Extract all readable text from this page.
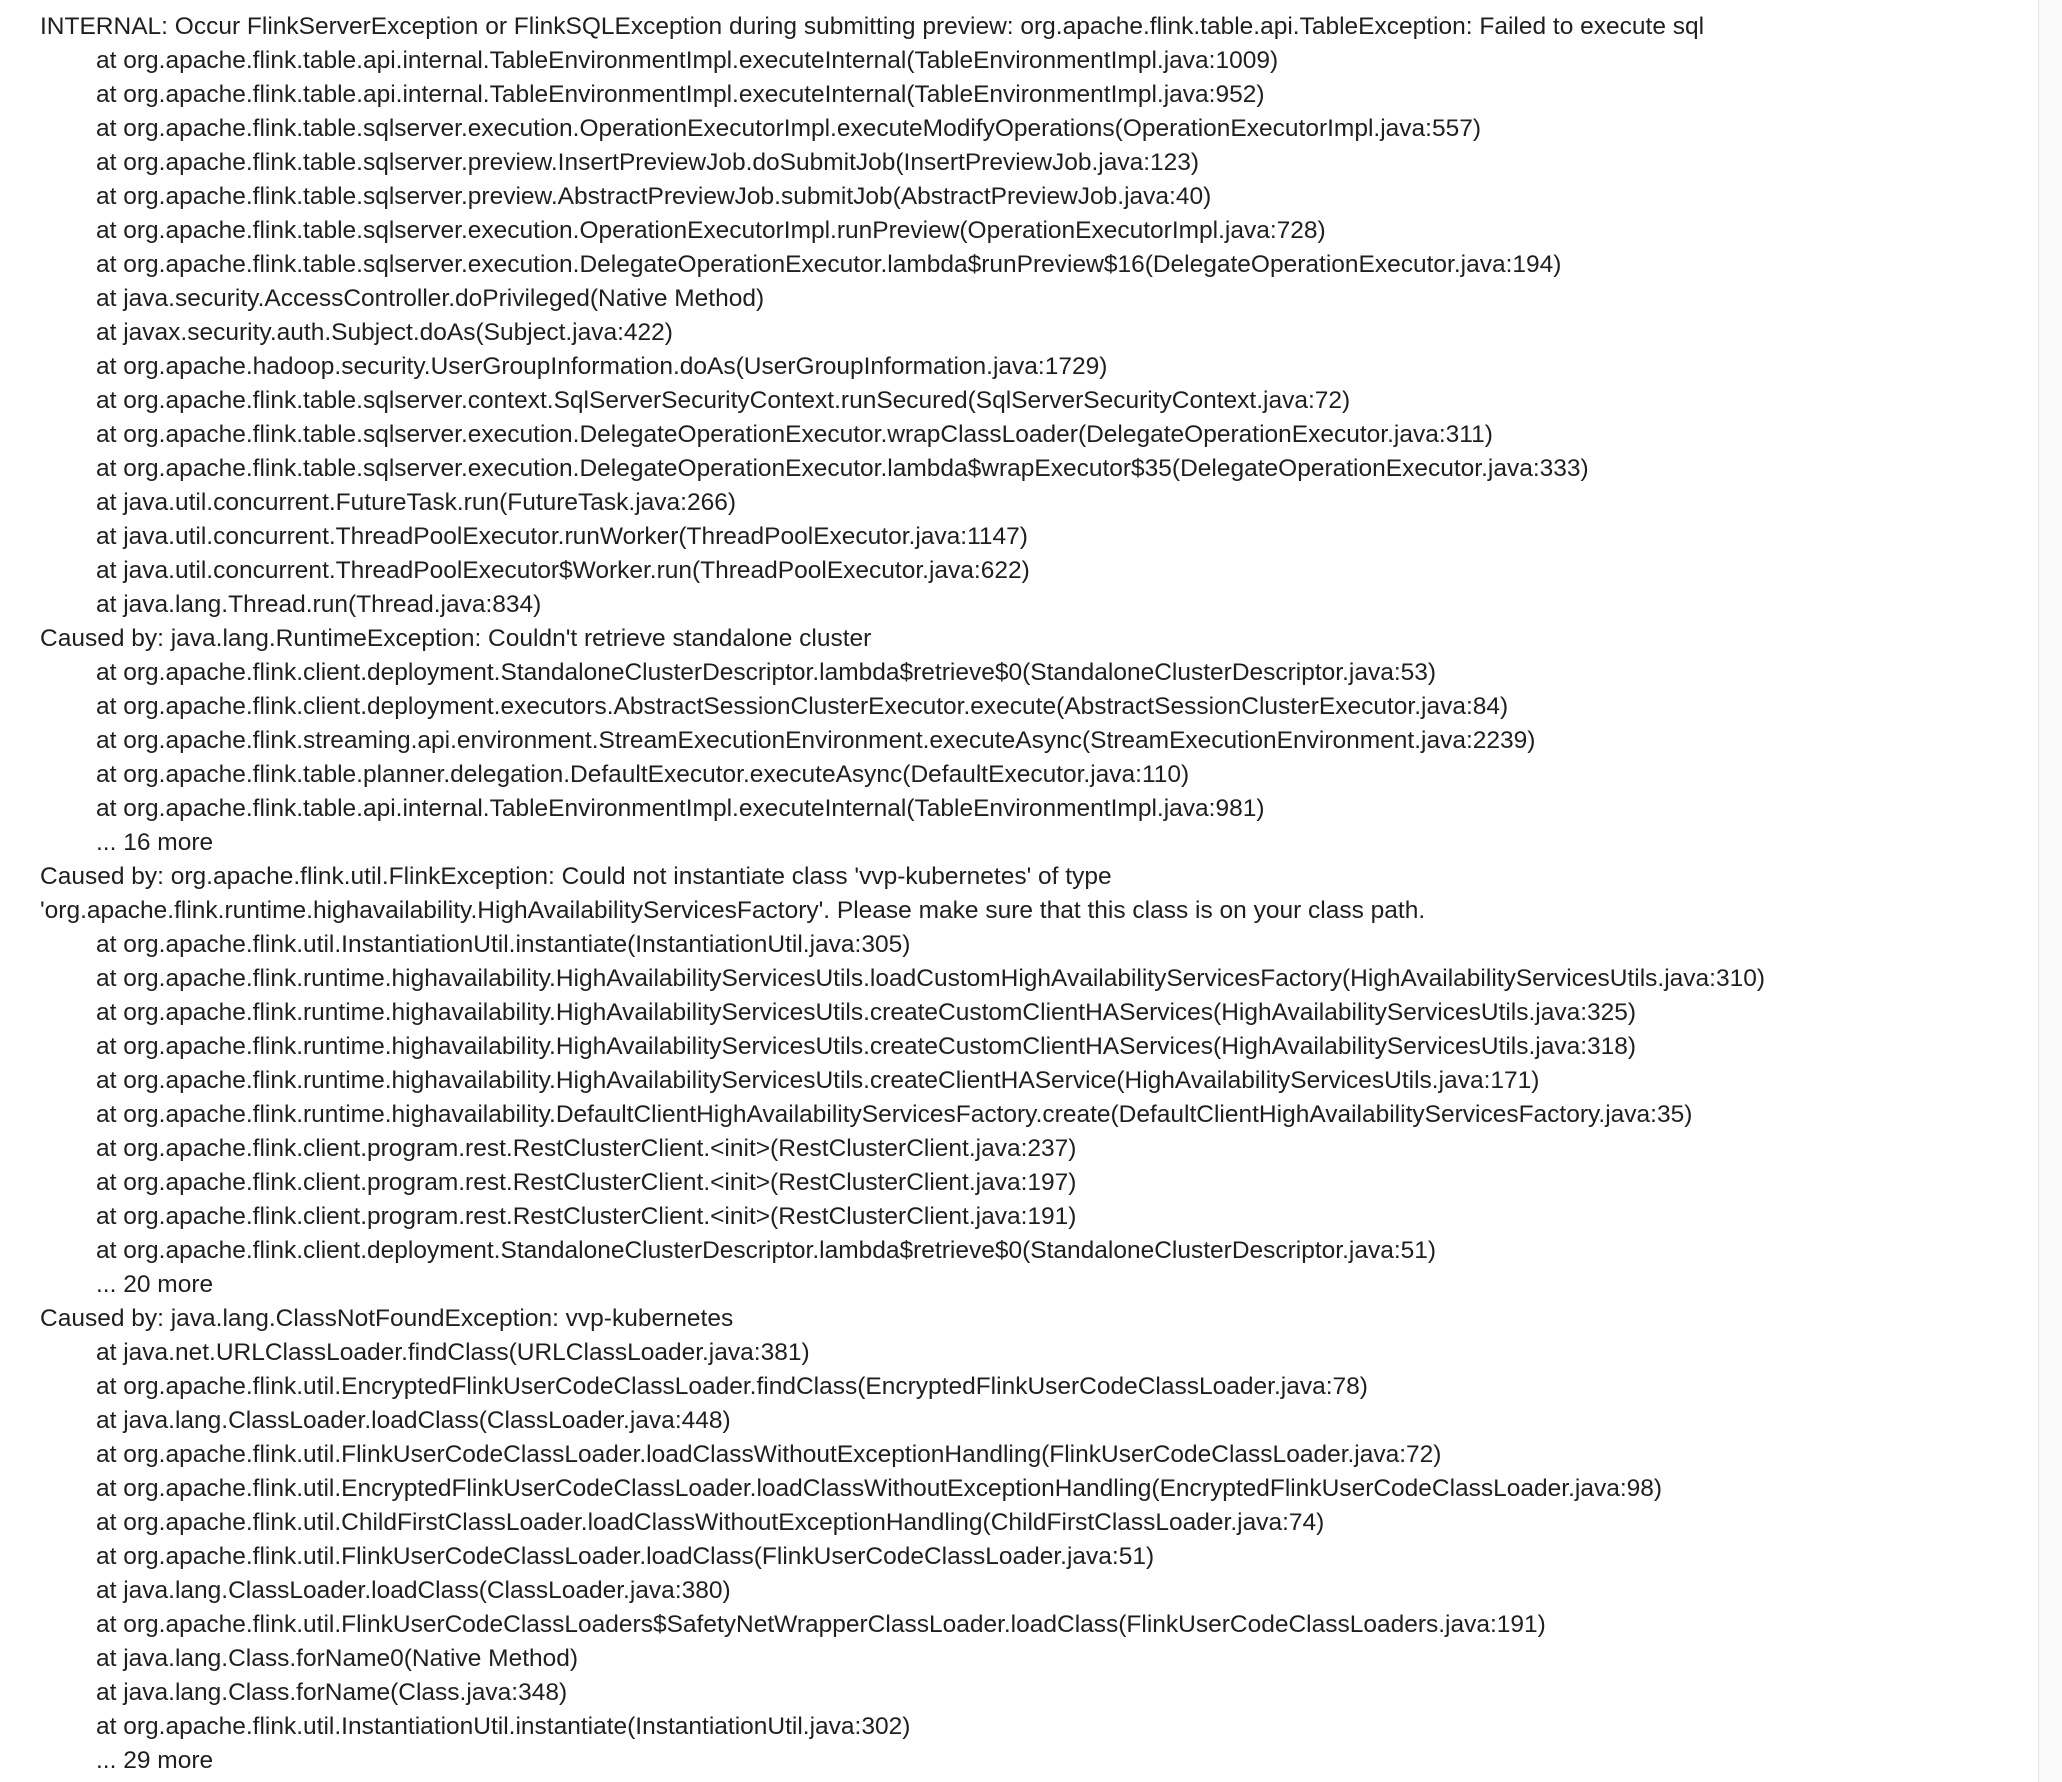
INTERNAL: Occur FlinkServerException or FlinkSQLException during submitting preview: org.apache.flink.table.api.TableException: Failed to execute sql
at org.apache.flink.table.api.internal.TableEnvironmentImpl.executeInternal(TableEnvironmentImpl.java:1009)
at org.apache.flink.table.api.internal.TableEnvironmentImpl.executeInternal(TableEnvironmentImpl.java:952)
at org.apache.flink.table.sqlserver.execution.OperationExecutorImpl.executeModifyOperations(OperationExecutorImpl.java:557)
at org.apache.flink.table.sqlserver.preview.InsertPreviewJob.doSubmitJob(InsertPreviewJob.java:123)
at org.apache.flink.table.sqlserver.preview.AbstractPreviewJob.submitJob(AbstractPreviewJob.java:40)
at org.apache.flink.table.sqlserver.execution.OperationExecutorImpl.runPreview(OperationExecutorImpl.java:728)
at org.apache.flink.table.sqlserver.execution.DelegateOperationExecutor.lambda$runPreview$16(DelegateOperationExecutor.java:194)
at java.security.AccessController.doPrivileged(Native Method)
at javax.security.auth.Subject.doAs(Subject.java:422)
at org.apache.hadoop.security.UserGroupInformation.doAs(UserGroupInformation.java:1729)
at org.apache.flink.table.sqlserver.context.SqlServerSecurityContext.runSecured(SqlServerSecurityContext.java:72)
at org.apache.flink.table.sqlserver.execution.DelegateOperationExecutor.wrapClassLoader(DelegateOperationExecutor.java:311)
at org.apache.flink.table.sqlserver.execution.DelegateOperationExecutor.lambda$wrapExecutor$35(DelegateOperationExecutor.java:333)
at java.util.concurrent.FutureTask.run(FutureTask.java:266)
at java.util.concurrent.ThreadPoolExecutor.runWorker(ThreadPoolExecutor.java:1147)
at java.util.concurrent.ThreadPoolExecutor$Worker.run(ThreadPoolExecutor.java:622)
at java.lang.Thread.run(Thread.java:834)
Caused by: java.lang.RuntimeException: Couldn't retrieve standalone cluster
at org.apache.flink.client.deployment.StandaloneClusterDescriptor.lambda$retrieve$0(StandaloneClusterDescriptor.java:53)
at org.apache.flink.client.deployment.executors.AbstractSessionClusterExecutor.execute(AbstractSessionClusterExecutor.java:84)
at org.apache.flink.streaming.api.environment.StreamExecutionEnvironment.executeAsync(StreamExecutionEnvironment.java:2239)
at org.apache.flink.table.planner.delegation.DefaultExecutor.executeAsync(DefaultExecutor.java:110)
at org.apache.flink.table.api.internal.TableEnvironmentImpl.executeInternal(TableEnvironmentImpl.java:981)
... 16 more
Caused by: org.apache.flink.util.FlinkException: Could not instantiate class 'vvp-kubernetes' of type
'org.apache.flink.runtime.highavailability.HighAvailabilityServicesFactory'. Please make sure that this class is on your class path.
at org.apache.flink.util.InstantiationUtil.instantiate(InstantiationUtil.java:305)
at org.apache.flink.runtime.highavailability.HighAvailabilityServicesUtils.loadCustomHighAvailabilityServicesFactory(HighAvailabilityServicesUtils.java:310)
at org.apache.flink.runtime.highavailability.HighAvailabilityServicesUtils.createCustomClientHAServices(HighAvailabilityServicesUtils.java:325)
at org.apache.flink.runtime.highavailability.HighAvailabilityServicesUtils.createCustomClientHAServices(HighAvailabilityServicesUtils.java:318)
at org.apache.flink.runtime.highavailability.HighAvailabilityServicesUtils.createClientHAService(HighAvailabilityServicesUtils.java:171)
at org.apache.flink.runtime.highavailability.DefaultClientHighAvailabilityServicesFactory.create(DefaultClientHighAvailabilityServicesFactory.java:35)
at org.apache.flink.client.program.rest.RestClusterClient.<init>(RestClusterClient.java:237)
at org.apache.flink.client.program.rest.RestClusterClient.<init>(RestClusterClient.java:197)
at org.apache.flink.client.program.rest.RestClusterClient.<init>(RestClusterClient.java:191)
at org.apache.flink.client.deployment.StandaloneClusterDescriptor.lambda$retrieve$0(StandaloneClusterDescriptor.java:51)
... 20 more
Caused by: java.lang.ClassNotFoundException: vvp-kubernetes
at java.net.URLClassLoader.findClass(URLClassLoader.java:381)
at org.apache.flink.util.EncryptedFlinkUserCodeClassLoader.findClass(EncryptedFlinkUserCodeClassLoader.java:78)
at java.lang.ClassLoader.loadClass(ClassLoader.java:448)
at org.apache.flink.util.FlinkUserCodeClassLoader.loadClassWithoutExceptionHandling(FlinkUserCodeClassLoader.java:72)
at org.apache.flink.util.EncryptedFlinkUserCodeClassLoader.loadClassWithoutExceptionHandling(EncryptedFlinkUserCodeClassLoader.java:98)
at org.apache.flink.util.ChildFirstClassLoader.loadClassWithoutExceptionHandling(ChildFirstClassLoader.java:74)
at org.apache.flink.util.FlinkUserCodeClassLoader.loadClass(FlinkUserCodeClassLoader.java:51)
at java.lang.ClassLoader.loadClass(ClassLoader.java:380)
at org.apache.flink.util.FlinkUserCodeClassLoaders$SafetyNetWrapperClassLoader.loadClass(FlinkUserCodeClassLoaders.java:191)
at java.lang.Class.forName0(Native Method)
at java.lang.Class.forName(Class.java:348)
at org.apache.flink.util.InstantiationUtil.instantiate(InstantiationUtil.java:302)
... 29 more
